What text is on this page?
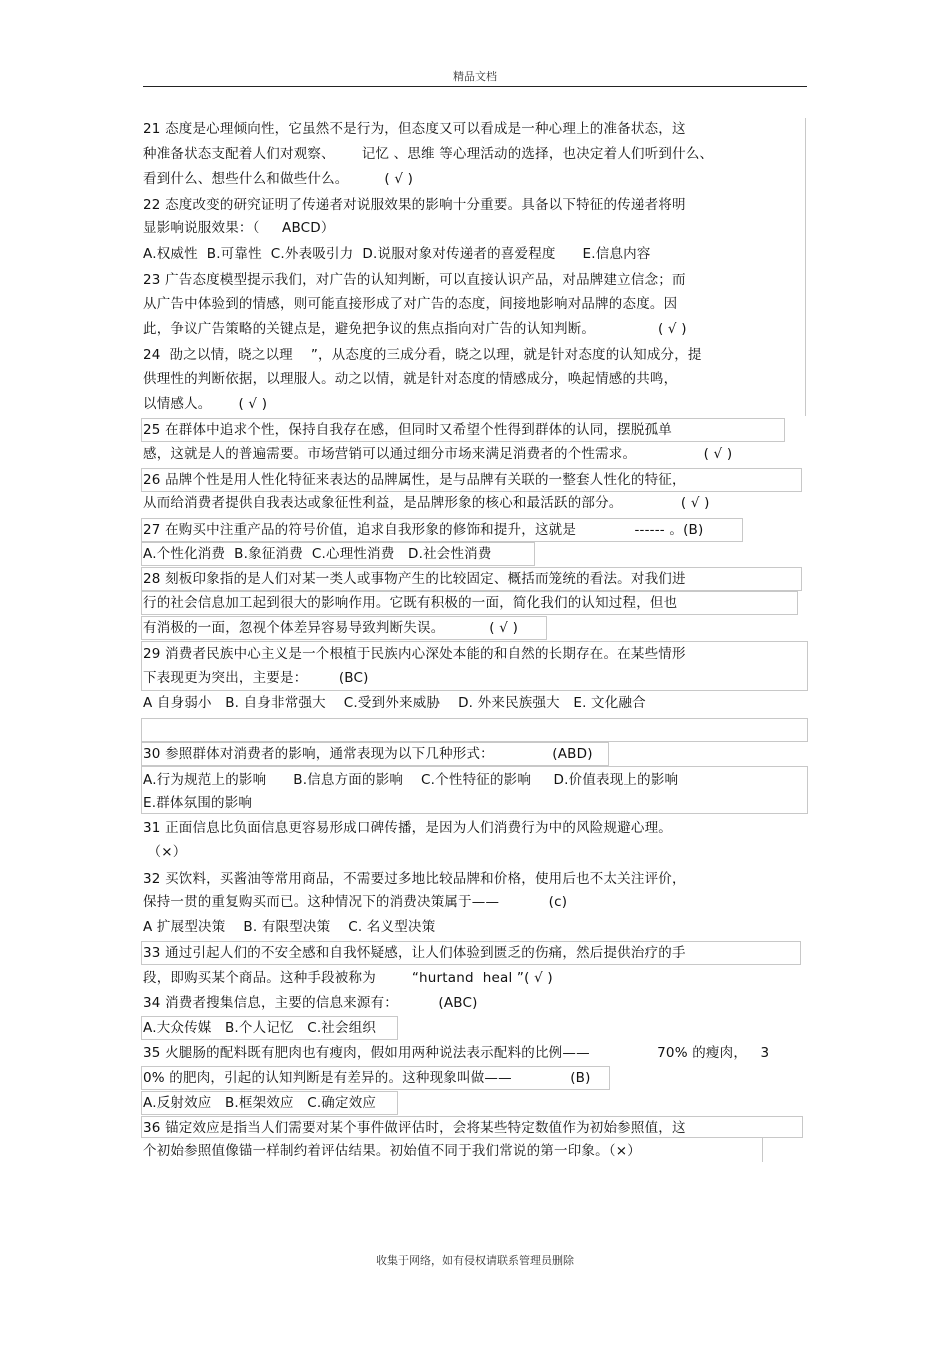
精品文档
21 态度是心理倾向性，它虽然不是行为，但态度又可以看成是一种心理上的准备状态，这
种准备状态支配着人们对观察、      记忆 、思维 等心理活动的选择，也决定着人们听到什么、
看到什么、想些什么和做些什么。        ( √ )
22 态度改变的研究证明了传递者对说服效果的影响十分重要。具备以下特征的传递者将明
显影响说服效果：（     ABCD）
A.权威性  B.可靠性  C.外表吸引力  D.说服对象对传递者的喜爱程度      E.信息内容
23 广告态度模型提示我们，对广告的认知判断，可以直接认识产品，对品牌建立信念；而
从广告中体验到的情感，则可能直接形成了对广告的态度，间接地影响对品牌的态度。因
此，争议广告策略的关键点是，避免把争议的焦点指向对广告的认知判断。              ( √ )
24  劭之以情，晓之以理    ”，从态度的三成分看，晓之以理，就是针对态度的认知成分，提
供理性的判断依据，以理服人。动之以情，就是针对态度的情感成分，唤起情感的共鸣，
以情感人。      ( √ )
25 在群体中追求个性，保持自我存在感，但同时又希望个性得到群体的认同，摆脱孤单
感，这就是人的普遍需要。市场营销可以通过细分市场来满足消费者的个性需求。               ( √ )
26 品牌个性是用人性化特征来表达的品牌属性，是与品牌有关联的一整套人性化的特征，
从而给消费者提供自我表达或象征性利益，是品牌形象的核心和最活跃的部分。             ( √ )
27 在购买中注重产品的符号价值，追求自我形象的修饰和提升，这就是             ------ 。(B)
A.个性化消费  B.象征消费  C.心理性消费   D.社会性消费
28 刻板印象指的是人们对某一类人或事物产生的比较固定、概括而笼统的看法。对我们进
行的社会信息加工起到很大的影响作用。它既有积极的一面，简化我们的认知过程，但也
有消极的一面，忽视个体差异容易导致判断失误。          ( √ )
29 消费者民族中心主义是一个根植于民族内心深处本能的和自然的长期存在。在某些情形
下表现更为突出，主要是：       (BC)
A 自身弱小   B. 自身非常强大    C.受到外来威胁    D. 外来民族强大   E. 文化融合
30 参照群体对消费者的影响，通常表现为以下几种形式：             (ABD)
A.行为规范上的影响      B.信息方面的影响    C.个性特征的影响     D.价值表现上的影响
E.群体氛围的影响
31 正面信息比负面信息更容易形成口碑传播，是因为人们消费行为中的风险规避心理。
（×）
32 买饮料，买酱油等常用商品，不需要过多地比较品牌和价格，使用后也不太关注评价，
保持一贯的重复购买而已。这种情况下的消费决策属于——           (c)
A 扩展型决策    B. 有限型决策    C. 名义型决策
33 通过引起人们的不安全感和自我怀疑感，让人们体验到匮乏的伤痛，然后提供治疗的手
段，即购买某个商品。这种手段被称为        “hurtand  heal ”( √ )
34 消费者搜集信息，主要的信息来源有：         (ABC)
A.大众传媒   B.个人记忆   C.社会组织
35 火腿肠的配料既有肥肉也有瘦肉，假如用两种说法表示配料的比例——               70% 的瘦肉，   3
0% 的肥肉，引起的认知判断是有差异的。这种现象叫做——             (B)
A.反射效应   B.框架效应   C.确定效应
36 锚定效应是指当人们需要对某个事件做评估时，会将某些特定数值作为初始参照值，这
个初始参照值像锚一样制约着评估结果。初始值不同于我们常说的第一印象。（×）
收集于网络，如有侵权请联系管理员删除
